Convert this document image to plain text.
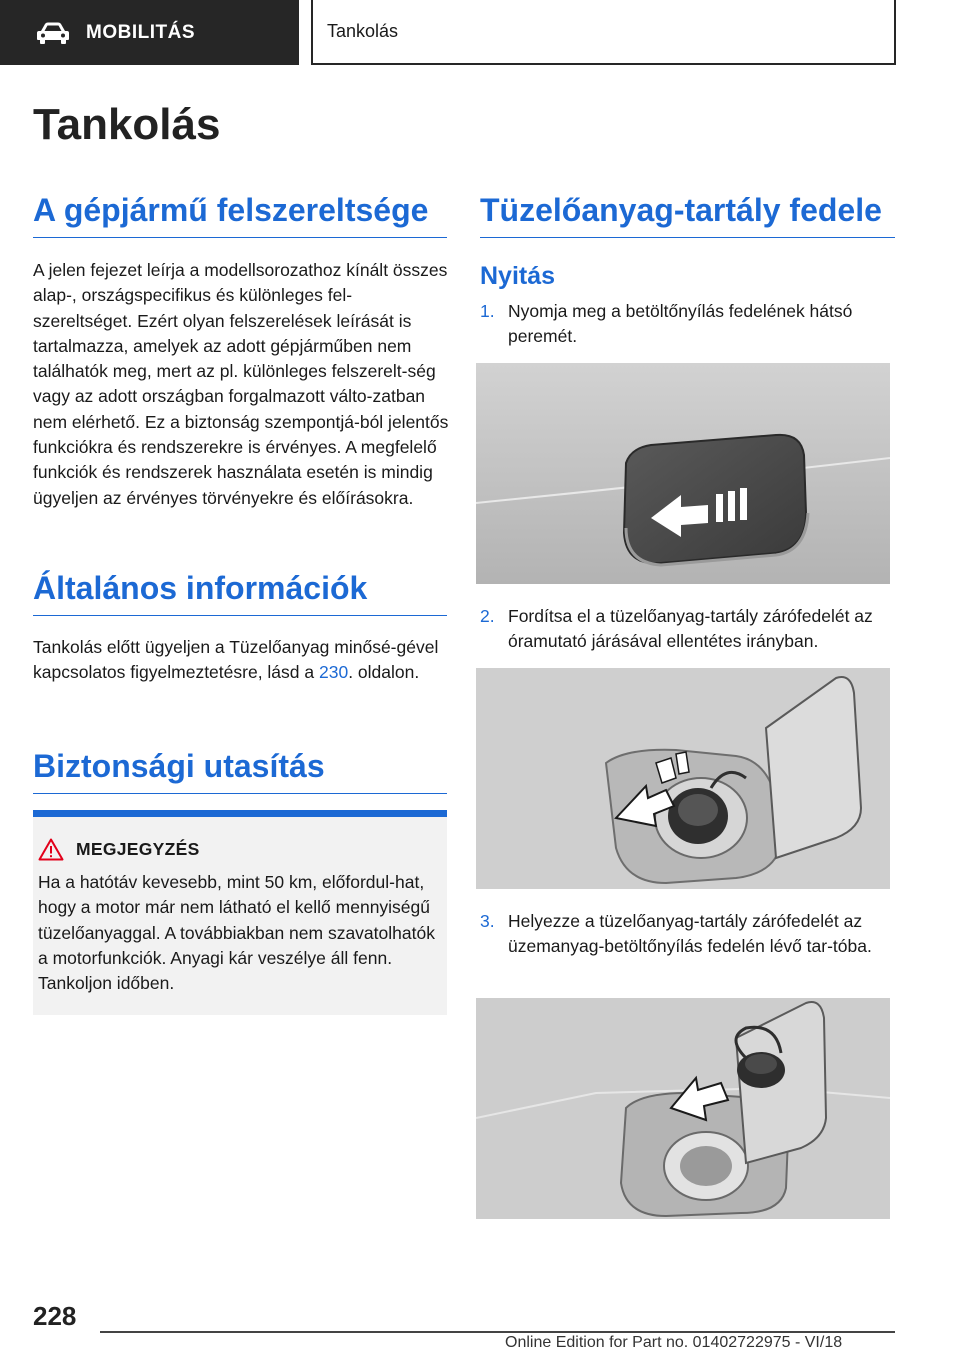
MOBILITÁS	Tankolás
Tankolás
A gépjármű felszereltsége
A jelen fejezet leírja a modellsorozathoz kínált összes alap-, országspecifikus és különleges fel-szereltséget. Ezért olyan felszerelések leírását is tartalmazza, amelyek az adott gépjárműben nem találhatók meg, mert az pl. különleges felszerelt-ség vagy az adott országban forgalmazott válto-zatban nem elérhető. Ez a biztonság szempontjá-ból jelentős funkciókra és rendszerekre is érvényes. A megfelelő funkciók és rendszerek használata esetén is mindig ügyeljen az érvényes törvényekre és előírásokra.
Általános információk
Tankolás előtt ügyeljen a Tüzelőanyag minősé-gével kapcsolatos figyelmeztetésre, lásd a 230. oldalon.
Biztonsági utasítás
MEGJEGYZÉS
Ha a hatótáv kevesebb, mint 50 km, előfordul-hat, hogy a motor már nem látható el kellő mennyiségű tüzelőanyaggal. A továbbiakban nem szavatolhatók a motorfunkciók. Anyagi kár veszélye áll fenn. Tankoljon időben.
Tüzelőanyag-tartály fedele
Nyitás
1. Nyomja meg a betöltőnyílás fedelének hátsó peremét.
2. Fordítsa el a tüzelőanyag-tartály zárófedelét az óramutató járásával ellentétes irányban.
3. Helyezze a tüzelőanyag-tartály zárófedelét az üzemanyag-betöltőnyílás fedelén lévő tar-tóba.
228
Online Edition for Part no. 01402722975 - VI/18
